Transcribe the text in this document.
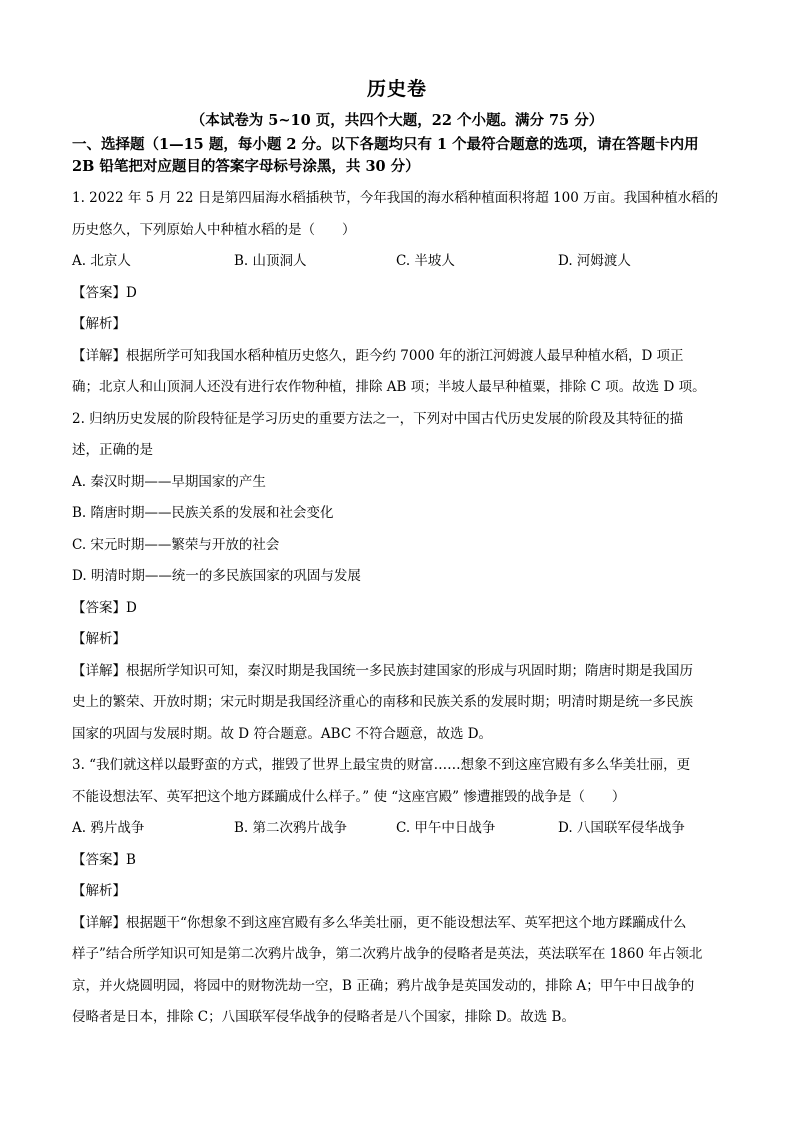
历史卷
（本试卷为 5~10 页，共四个大题，22 个小题。满分 75 分）
一、选择题（1—15 题，每小题 2 分。以下各题均只有 1 个最符合题意的选项，请在答题卡内用 2B 铅笔把对应题目的答案字母标号涂黑，共 30 分）

1. 2022 年 5 月 22 日是第四届海水稻插秧节，今年我国的海水稻种植面积将超 100 万亩。我国种植水稻的

历史悠久，下列原始人中种植水稻的是（　　）

A. 北京人	B. 山顶洞人	C. 半坡人	D. 河姆渡人

【答案】D

【解析】

【详解】根据所学可知我国水稻种植历史悠久，距今约 7000 年的浙江河姆渡人最早种植水稻，D 项正

确；北京人和山顶洞人还没有进行农作物种植，排除 AB 项；半坡人最早种植粟，排除 C 项。故选 D 项。

2. 归纳历史发展的阶段特征是学习历史的重要方法之一，下列对中国古代历史发展的阶段及其特征的描

述，正确的是

A. 秦汉时期——早期国家的产生

B. 隋唐时期——民族关系的发展和社会变化

C. 宋元时期——繁荣与开放的社会

D. 明清时期——统一的多民族国家的巩固与发展

【答案】D

【解析】

【详解】根据所学知识可知，秦汉时期是我国统一多民族封建国家的形成与巩固时期；隋唐时期是我国历

史上的繁荣、开放时期；宋元时期是我国经济重心的南移和民族关系的发展时期；明清时期是统一多民族

国家的巩固与发展时期。故 D 符合题意。ABC 不符合题意，故选 D。

3. “我们就这样以最野蛮的方式，摧毁了世界上最宝贵的财富……想象不到这座宫殿有多么华美壮丽，更

不能设想法军、英军把这个地方蹂躏成什么样子。” 使 “这座宫殿” 惨遭摧毁的战争是（　　）

A. 鸦片战争	B. 第二次鸦片战争	C. 甲午中日战争	D. 八国联军侵华战争

【答案】B

【解析】

【详解】根据题干“你想象不到这座宫殿有多么华美壮丽，更不能设想法军、英军把这个地方蹂躏成什么

样子”结合所学知识可知是第二次鸦片战争，第二次鸦片战争的侵略者是英法，英法联军在 1860 年占领北

京，并火烧圆明园，将园中的财物洗劫一空，B 正确；鸦片战争是英国发动的，排除 A；甲午中日战争的

侵略者是日本，排除 C；八国联军侵华战争的侵略者是八个国家，排除 D。故选 B。
